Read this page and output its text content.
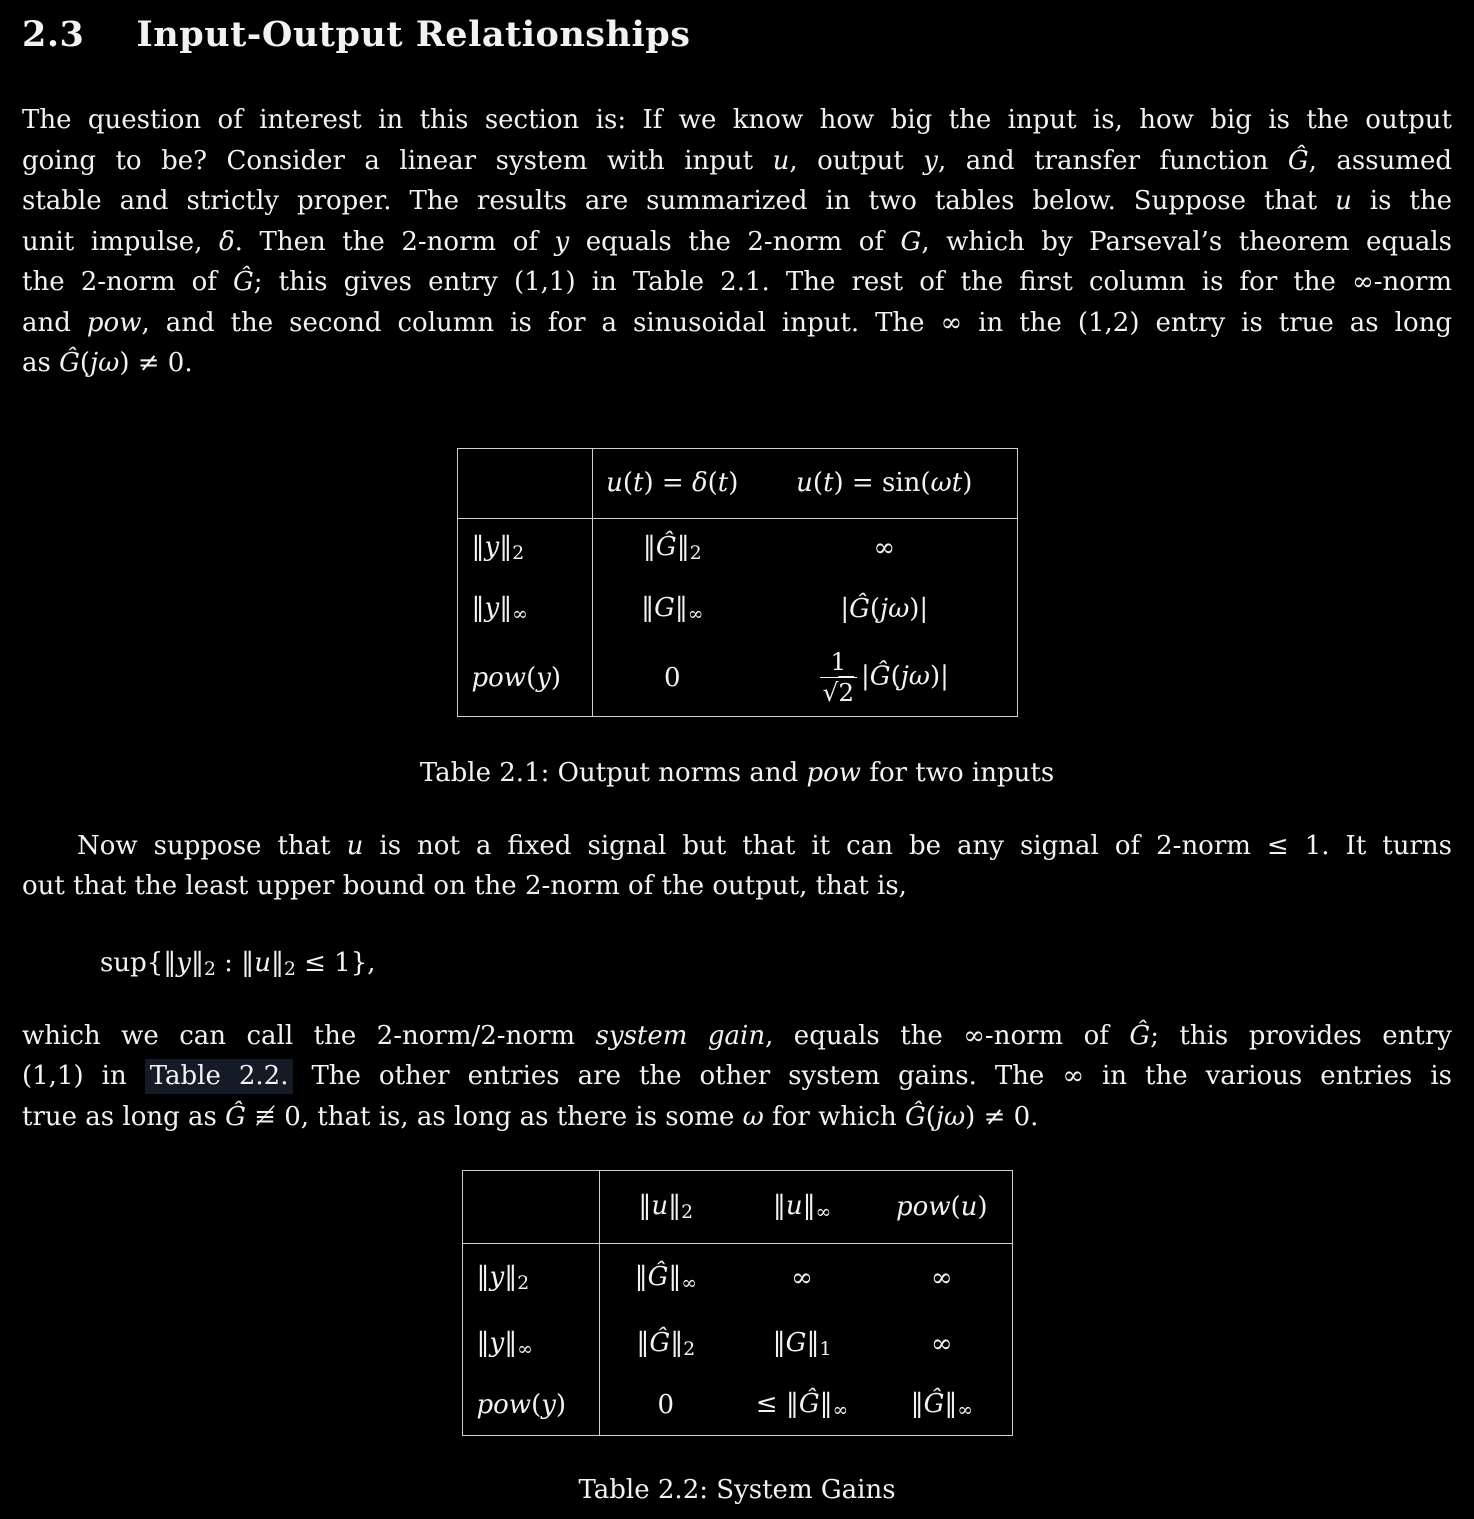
2.3 Input-Output Relationships
The question of interest in this section is: If we know how big the input is, how big is the output
going to be? Consider a linear system with input u, output y, and transfer function Ĝ, assumed
stable and strictly proper. The results are summarized in two tables below. Suppose that u is the
unit impulse, δ. Then the 2-norm of y equals the 2-norm of G, which by Parseval’s theorem equals
the 2-norm of Ĝ; this gives entry (1,1) in Table 2.1. The rest of the first column is for the ∞-norm
and pow, and the second column is for a sinusoidal input. The ∞ in the (1,2) entry is true as long
as Ĝ(jω) ≠ 0.
	u(t) = δ(t)	u(t) = sin(ωt)
‖y‖2	‖Ĝ‖2	∞
‖y‖∞	‖G‖∞	|Ĝ(jω)|
pow(y)	0	$\frac{1}{√2}$ |Ĝ(jω)|
Table 2.1: Output norms and pow for two inputs
Now suppose that u is not a fixed signal but that it can be any signal of 2-norm ≤ 1. It turns
out that the least upper bound on the 2-norm of the output, that is,
sup{‖y‖2 : ‖u‖2 ≤ 1},
which we can call the 2-norm/2-norm system gain, equals the ∞-norm of Ĝ; this provides entry
(1,1) in Table 2.2. The other entries are the other system gains. The ∞ in the various entries is
true as long as Ĝ ≢ 0, that is, as long as there is some ω for which Ĝ(jω) ≠ 0.
	‖u‖2	‖u‖∞	pow(u)
‖y‖2	‖Ĝ‖∞	∞	∞
‖y‖∞	‖Ĝ‖2	‖G‖1	∞
pow(y)	0	≤ ‖Ĝ‖∞	‖Ĝ‖∞
Table 2.2: System Gains
